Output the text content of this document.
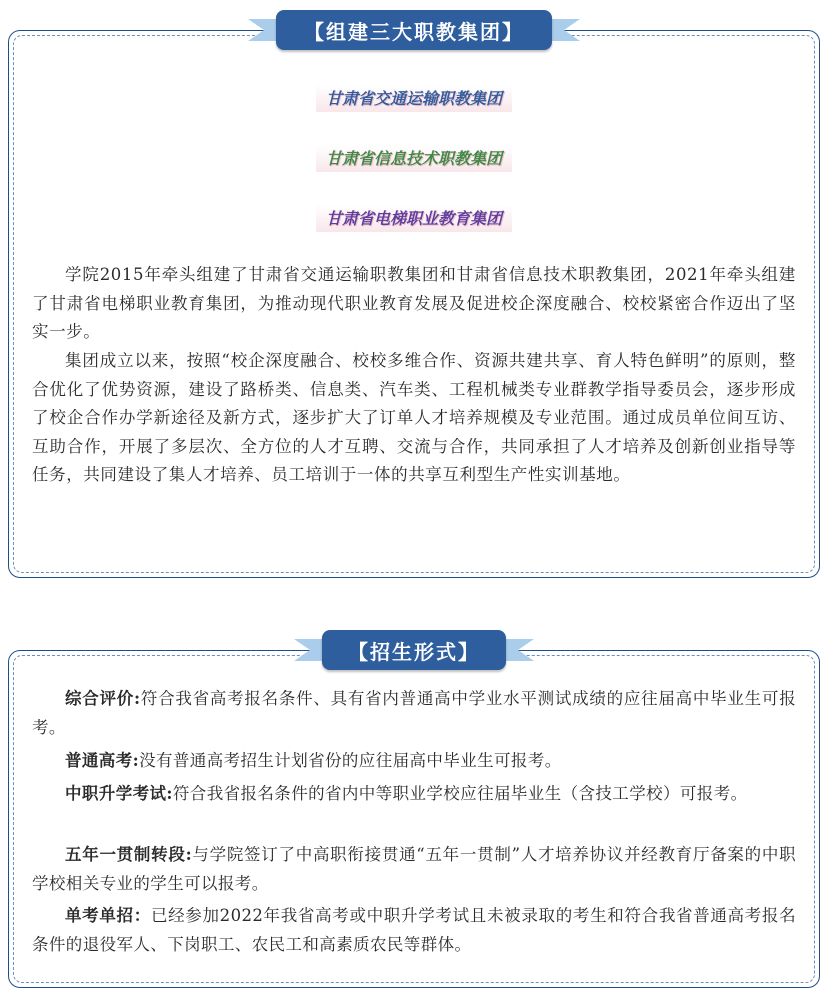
【组建三大职教集团】
甘肃省交通运输职教集团
甘肃省信息技术职教集团
甘肃省电梯职业教育集团

学院2015年牵头组建了甘肃省交通运输职教集团和甘肃省信息技术职教集团，2021年牵头组建了甘肃省电梯职业教育集团，为推动现代职业教育发展及促进校企深度融合、校校紧密合作迈出了坚实一步。

集团成立以来，按照“校企深度融合、校校多维合作、资源共建共享、育人特色鲜明”的原则，整合优化了优势资源，建设了路桥类、信息类、汽车类、工程机械类专业群教学指导委员会，逐步形成了校企合作办学新途径及新方式，逐步扩大了订单人才培养规模及专业范围。通过成员单位间互访、互助合作，开展了多层次、全方位的人才互聘、交流与合作，共同承担了人才培养及创新创业指导等任务，共同建设了集人才培养、员工培训于一体的共享互利型生产性实训基地。

【招生形式】

综合评价:符合我省高考报名条件、具有省内普通高中学业水平测试成绩的应往届高中毕业生可报考。

普通高考:没有普通高考招生计划省份的应往届高中毕业生可报考。

中职升学考试:符合我省报名条件的省内中等职业学校应往届毕业生（含技工学校）可报考。

五年一贯制转段:与学院签订了中高职衔接贯通“五年一贯制”人才培养协议并经教育厅备案的中职学校相关专业的学生可以报考。

单考单招：已经参加2022年我省高考或中职升学考试且未被录取的考生和符合我省普通高考报名条件的退役军人、下岗职工、农民工和高素质农民等群体。
